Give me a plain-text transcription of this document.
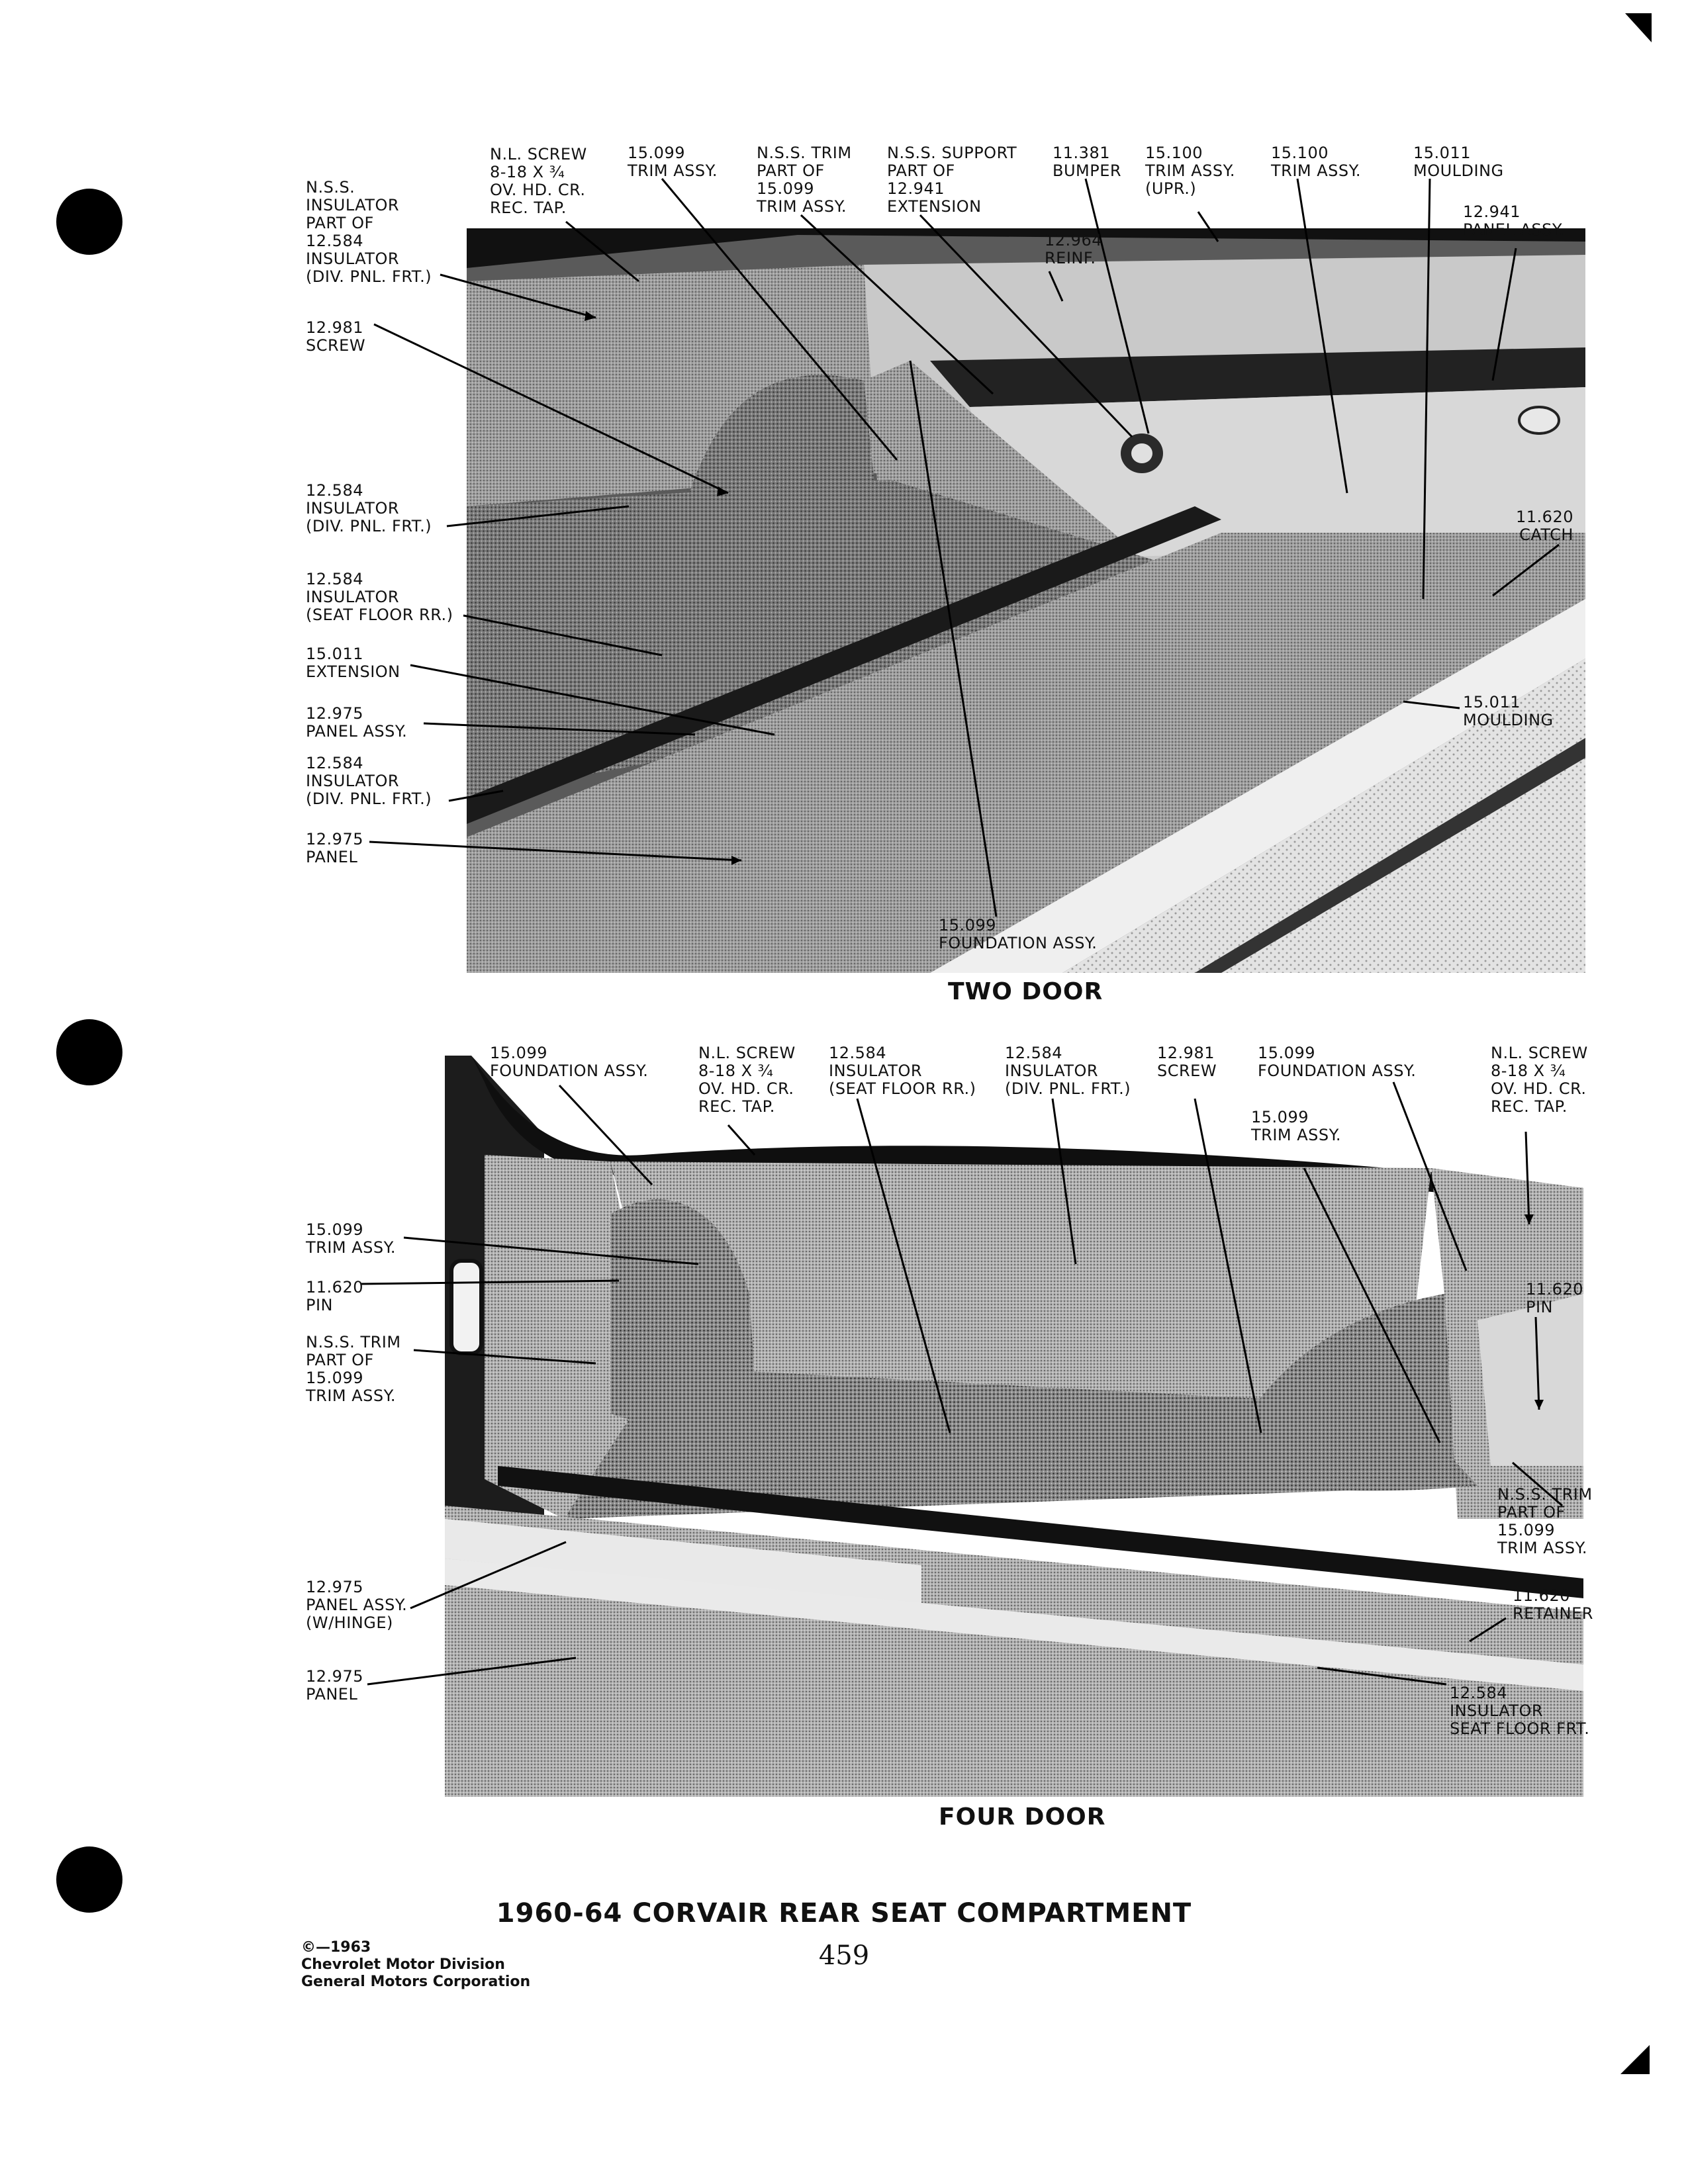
N.S.S.
INSULATOR
PART OF
12.584
INSULATOR
(DIV. PNL. FRT.)
N.L. SCREW
8-18 X ¾
OV. HD. CR.
REC. TAP.
15.099
TRIM ASSY.
N.S.S. TRIM
PART OF
15.099
TRIM ASSY.
N.S.S. SUPPORT
PART OF
12.941
EXTENSION
11.381
BUMPER
15.100
TRIM ASSY.
(UPR.)
15.100
TRIM ASSY.
15.011
MOULDING
12.964
REINF.
12.941
PANEL ASSY.
12.981
SCREW
12.584
INSULATOR
(DIV. PNL. FRT.)	11.620
CATCH
12.584
INSULATOR
(SEAT FLOOR RR.)
15.011
EXTENSION
15.011
MOULDING
12.975
PANEL ASSY.
12.584
INSULATOR
(DIV. PNL. FRT.)
12.975
PANEL
15.099
FOUNDATION ASSY.
TWO DOOR
15.099
FOUNDATION ASSY.
N.L. SCREW
8-18 X ¾
OV. HD. CR.
REC. TAP.
12.584
INSULATOR
(SEAT FLOOR RR.)
12.584
INSULATOR
(DIV. PNL. FRT.)
12.981
SCREW
15.099
FOUNDATION ASSY.
N.L. SCREW
8-18 X ¾
OV. HD. CR.
REC. TAP.
15.099
TRIM ASSY.
15.099
TRIM ASSY.
11.620
PIN
N.S.S. TRIM
PART OF
15.099
TRIM ASSY.
11.620
PIN
N.S.S. TRIM
PART OF
15.099
TRIM ASSY.
12.975
PANEL ASSY.
(W/HINGE)
11.620
RETAINER
12.975
PANEL	12.584
INSULATOR
SEAT FLOOR FRT.
FOUR DOOR
1960-64 CORVAIR REAR SEAT COMPARTMENT
459
©—1963
Chevrolet Motor Division
General Motors Corporation
